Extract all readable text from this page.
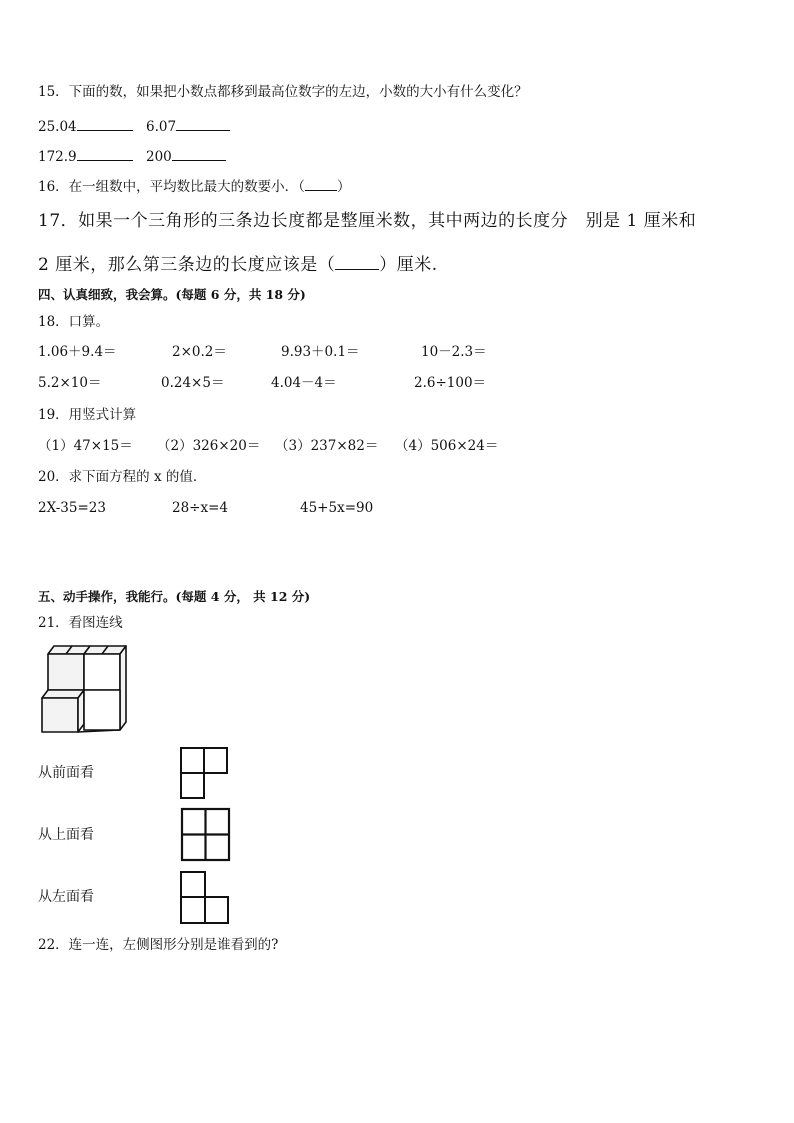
15．下面的数，如果把小数点都移到最高位数字的左边，小数的大小有什么变化？
25.04	6.07
172.9	200
16．在一组数中，平均数比最大的数要小．（ ）
17．如果一个三角形的三条边长度都是整厘米数，其中两边的长度分　别是 1 厘米和
2 厘米，那么第三条边的长度应该是（	）厘米.
四、认真细致，我会算。(每题 6 分，共 18 分)
18．口算。
1.06＋9.4＝	2×0.2＝	9.93＋0.1＝	10－2.3＝
5.2×10＝	0.24×5＝	4.04－4＝	2.6÷100＝
19．用竖式计算
（1）47×15＝ （2）326×20＝ （3）237×82＝ （4）506×24＝
20．求下面方程的 x 的值．
2X-35=23	28÷x=4	45+5x=90
五、动手操作，我能行。(每题 4 分， 共 12 分)
21．看图连线
从前面看
从上面看
从左面看
22．连一连，左侧图形分别是谁看到的?
